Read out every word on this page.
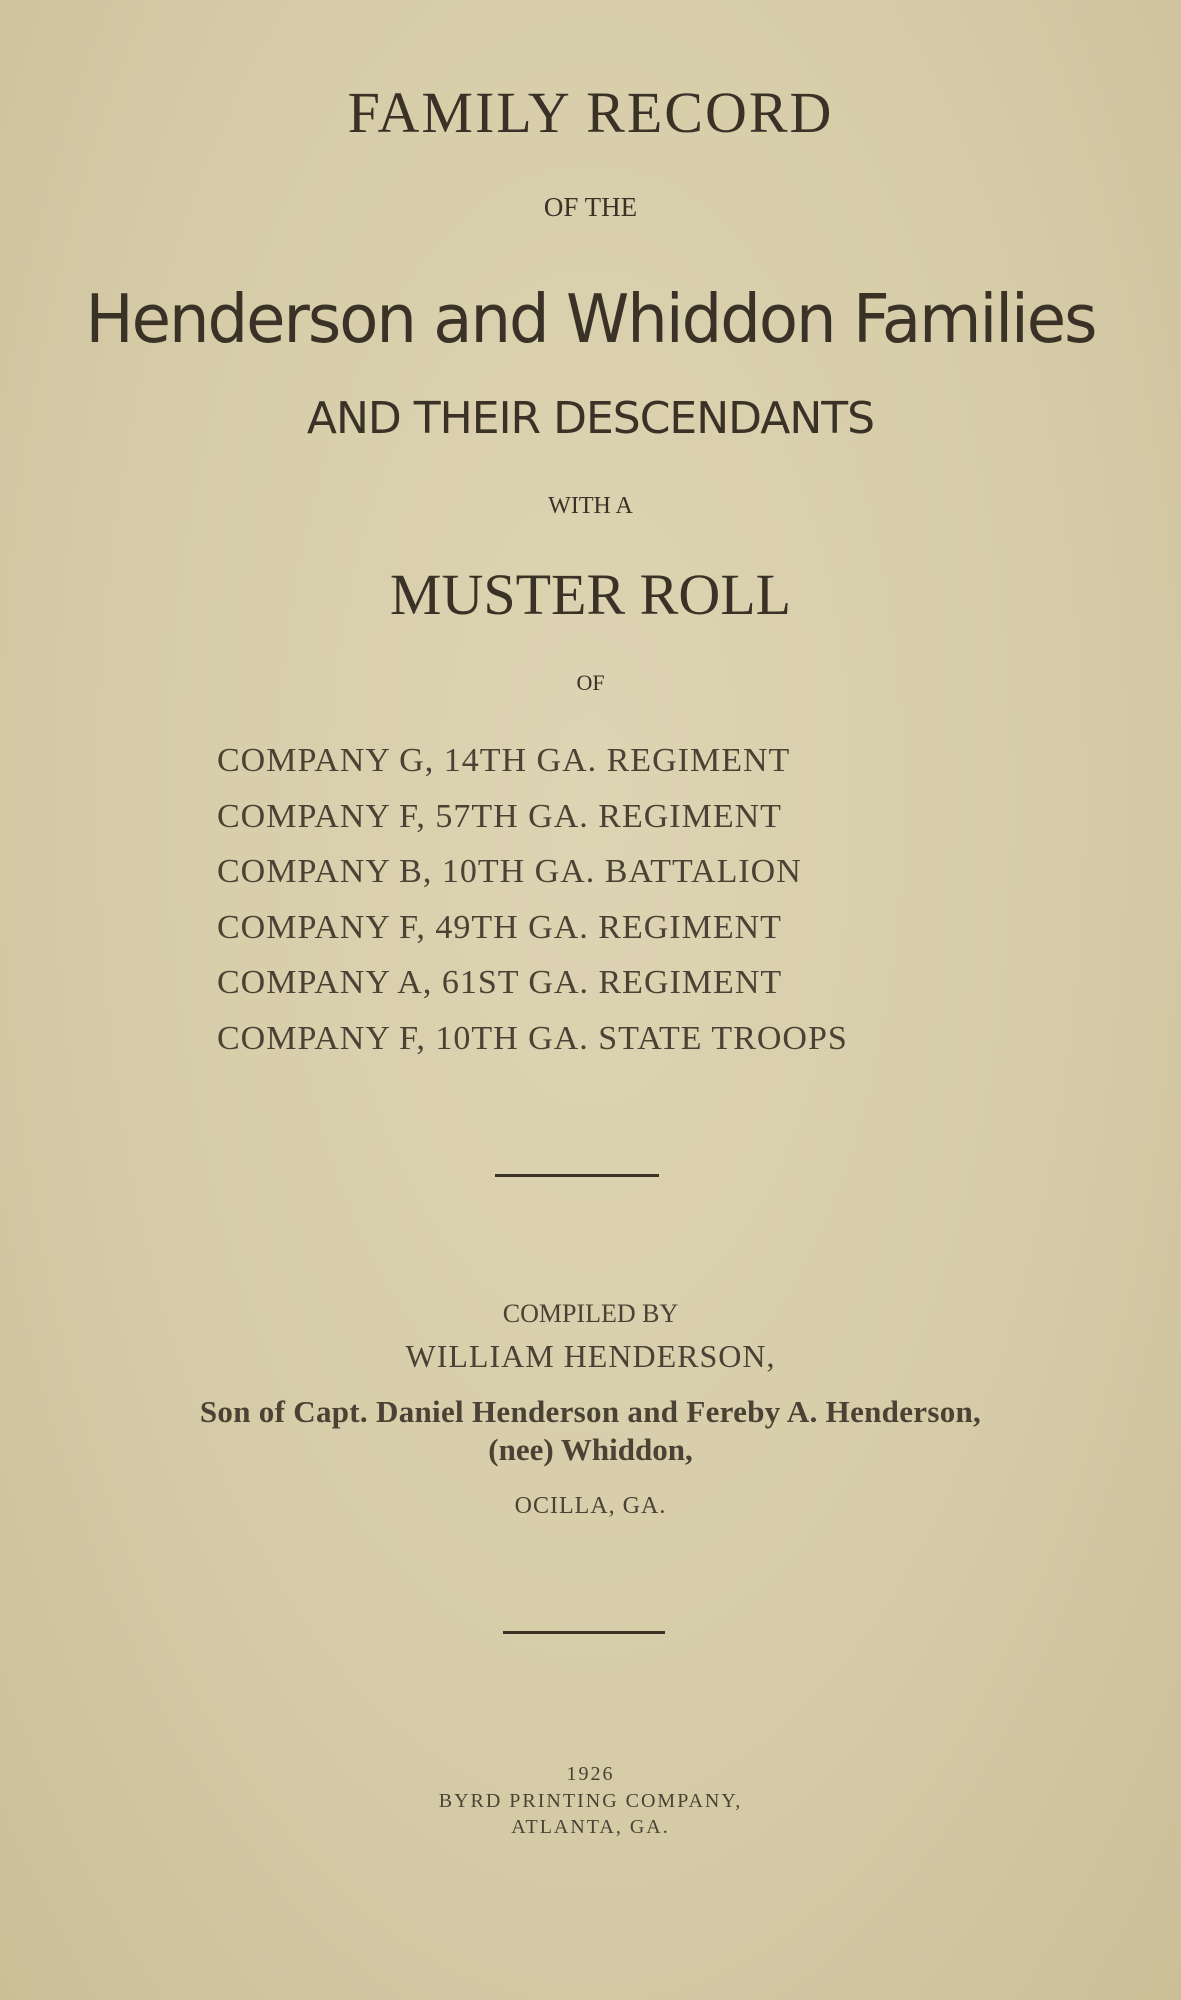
FAMILY RECORD
OF THE
Henderson and Whiddon Families
AND THEIR DESCENDANTS
WITH A
MUSTER ROLL
OF
COMPANY G, 14TH GA. REGIMENT
COMPANY F, 57TH GA. REGIMENT
COMPANY B, 10TH GA. BATTALION
COMPANY F, 49TH GA. REGIMENT
COMPANY A, 61ST GA. REGIMENT
COMPANY F, 10TH GA. STATE TROOPS
COMPILED BY
WILLIAM HENDERSON,
Son of Capt. Daniel Henderson and Fereby A. Henderson,
(nee) Whiddon,
OCILLA, GA.
1926
BYRD PRINTING COMPANY,
ATLANTA, GA.
